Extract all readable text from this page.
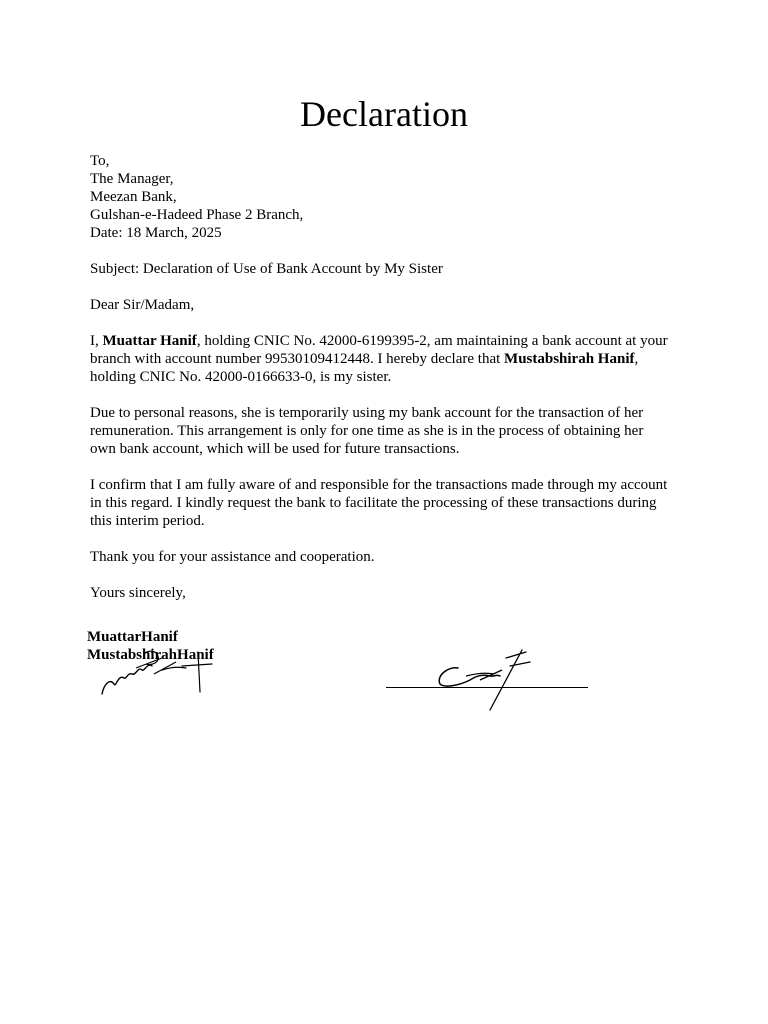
Declaration
To,
The Manager,
Meezan Bank,
Gulshan-e-Hadeed Phase 2 Branch,
Date: 18 March, 2025
Subject: Declaration of Use of Bank Account by My Sister
Dear Sir/Madam,
I, Muattar Hanif, holding CNIC No. 42000-6199395-2, am maintaining a bank account at your
branch with account number 99530109412448. I hereby declare that Mustabshirah Hanif,
holding CNIC No. 42000-0166633-0, is my sister.
Due to personal reasons, she is temporarily using my bank account for the transaction of her
remuneration. This arrangement is only for one time as she is in the process of obtaining her
own bank account, which will be used for future transactions.
I confirm that I am fully aware of and responsible for the transactions made through my account
in this regard. I kindly request the bank to facilitate the processing of these transactions during
this interim period.
Thank you for your assistance and cooperation.
Yours sincerely,
MuattarHanif
MustabshirahHanif
